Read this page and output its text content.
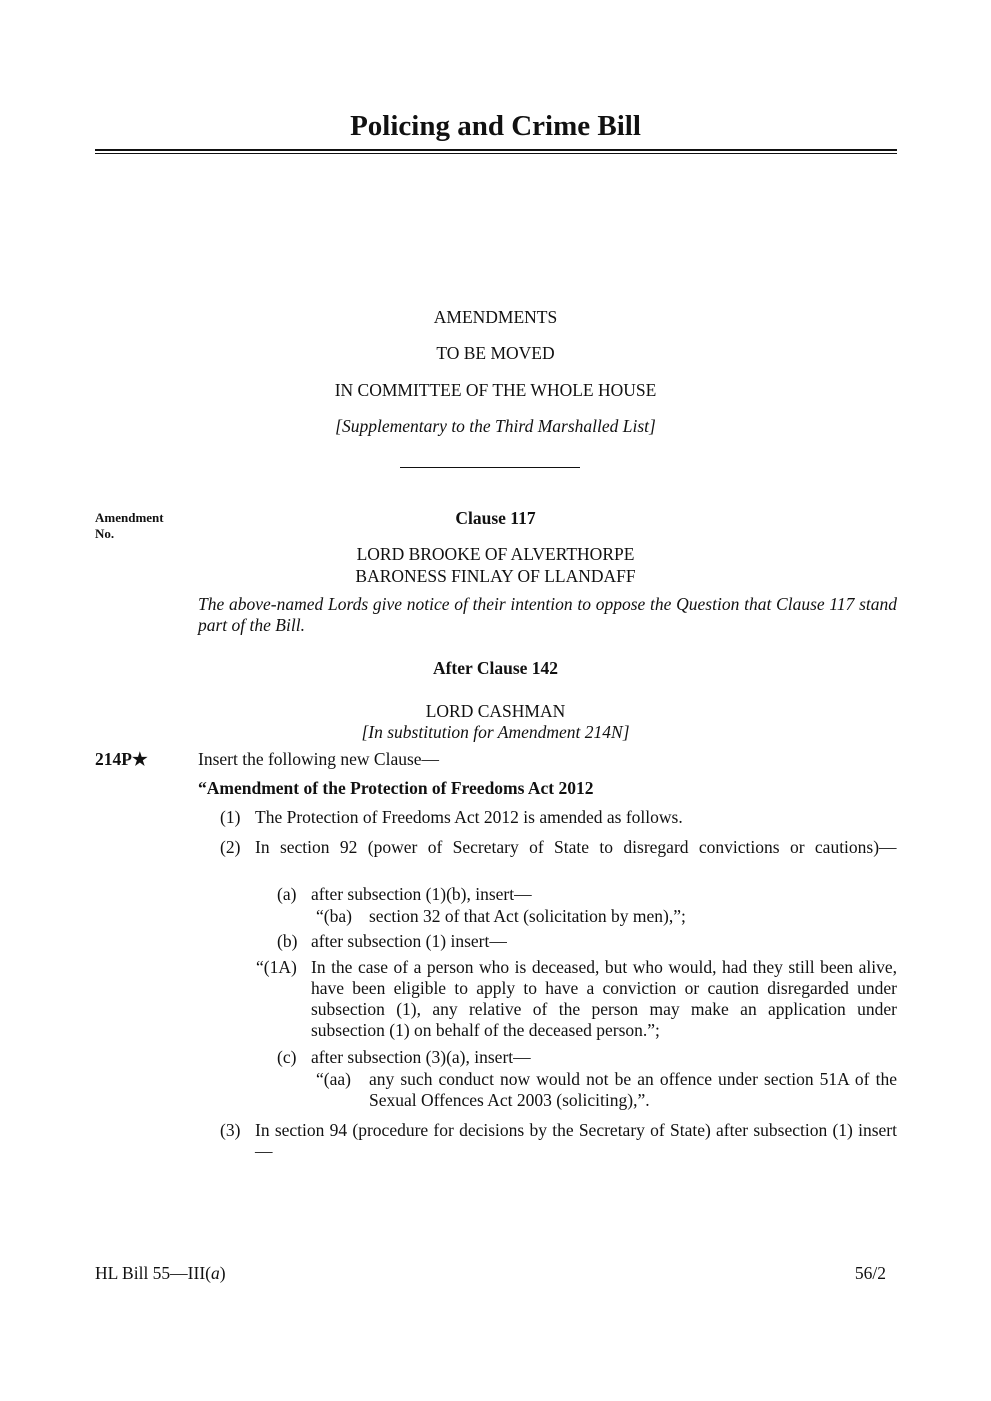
Policing and Crime Bill
AMENDMENTS
TO BE MOVED
IN COMMITTEE OF THE WHOLE HOUSE
[Supplementary to the Third Marshalled List]
Amendment No.
Clause 117
LORD BROOKE OF ALVERTHORPE
BARONESS FINLAY OF LLANDAFF
The above-named Lords give notice of their intention to oppose the Question that Clause 117 stand part of the Bill.
After Clause 142
LORD CASHMAN
[In substitution for Amendment 214N]
214P★	Insert the following new Clause—
“Amendment of the Protection of Freedoms Act 2012
(1) The Protection of Freedoms Act 2012 is amended as follows.
(2) In section 92 (power of Secretary of State to disregard convictions or cautions)—
(a) after subsection (1)(b), insert—
“(ba) section 32 of that Act (solicitation by men),”;
(b) after subsection (1) insert—
“(1A) In the case of a person who is deceased, but who would, had they still been alive, have been eligible to apply to have a conviction or caution disregarded under subsection (1), any relative of the person may make an application under subsection (1) on behalf of the deceased person.”;
(c) after subsection (3)(a), insert—
“(aa) any such conduct now would not be an offence under section 51A of the Sexual Offences Act 2003 (soliciting),”.
(3) In section 94 (procedure for decisions by the Secretary of State) after subsection (1) insert—
HL Bill 55—III(a)	56/2
